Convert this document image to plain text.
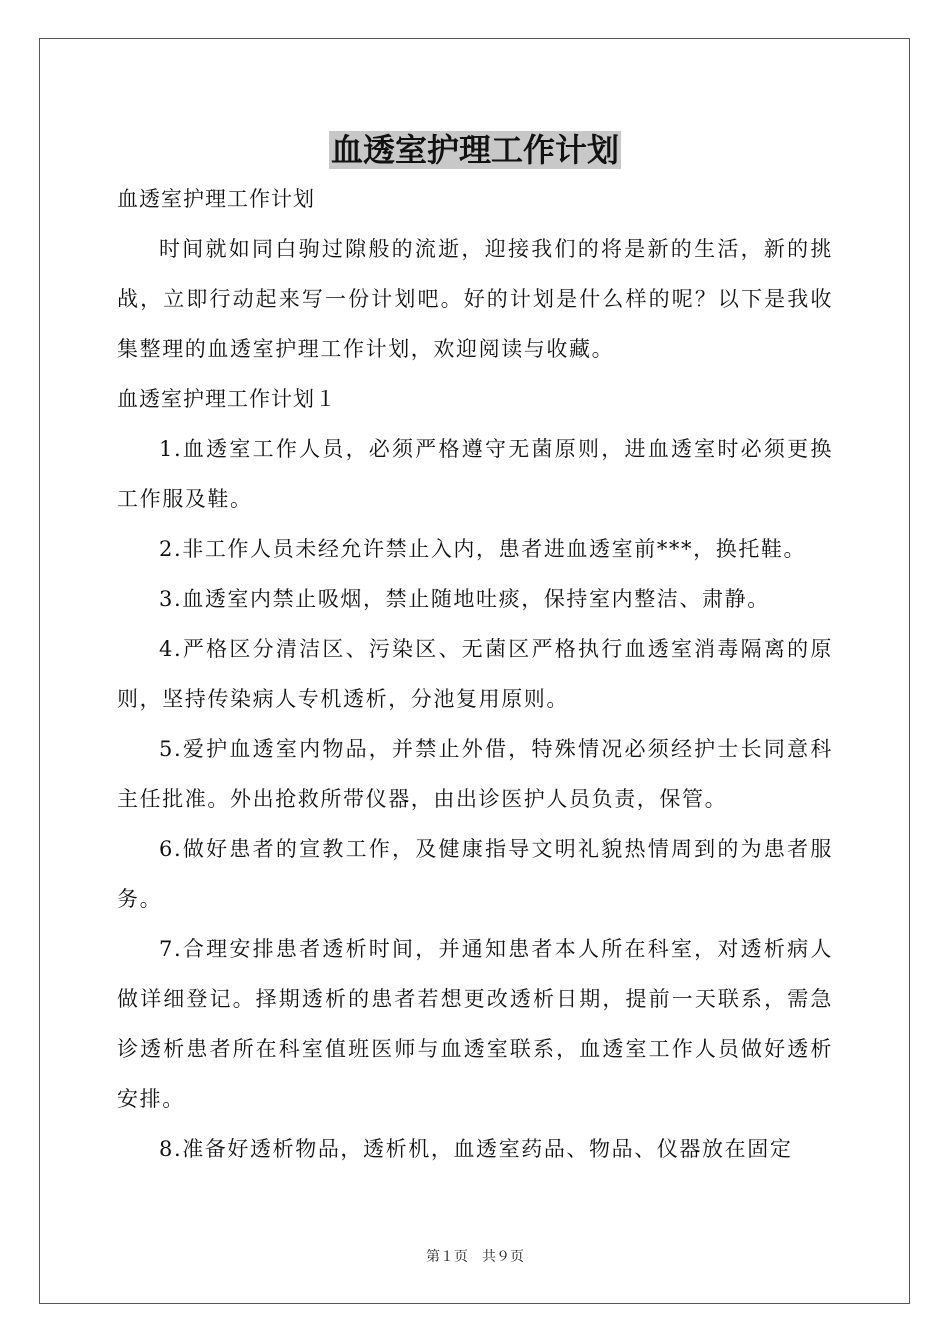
血透室护理工作计划

血透室护理工作计划

时间就如同白驹过隙般的流逝，迎接我们的将是新的生活，新的挑战，立即行动起来写一份计划吧。好的计划是什么样的呢？以下是我收集整理的血透室护理工作计划，欢迎阅读与收藏。

血透室护理工作计划１

1.血透室工作人员，必须严格遵守无菌原则，进血透室时必须更换工作服及鞋。

2.非工作人员未经允许禁止入内，患者进血透室前***，换托鞋。

3.血透室内禁止吸烟，禁止随地吐痰，保持室内整洁、肃静。

4.严格区分清洁区、污染区、无菌区严格执行血透室消毒隔离的原则，坚持传染病人专机透析，分池复用原则。

5.爱护血透室内物品，并禁止外借，特殊情况必须经护士长同意科主任批准。外出抢救所带仪器，由出诊医护人员负责，保管。

6.做好患者的宣教工作，及健康指导文明礼貌热情周到的为患者服务。

7.合理安排患者透析时间，并通知患者本人所在科室，对透析病人做详细登记。择期透析的患者若想更改透析日期，提前一天联系，需急诊透析患者所在科室值班医师与血透室联系，血透室工作人员做好透析安排。

8.准备好透析物品，透析机，血透室药品、物品、仪器放在固定

第１页　共９页
